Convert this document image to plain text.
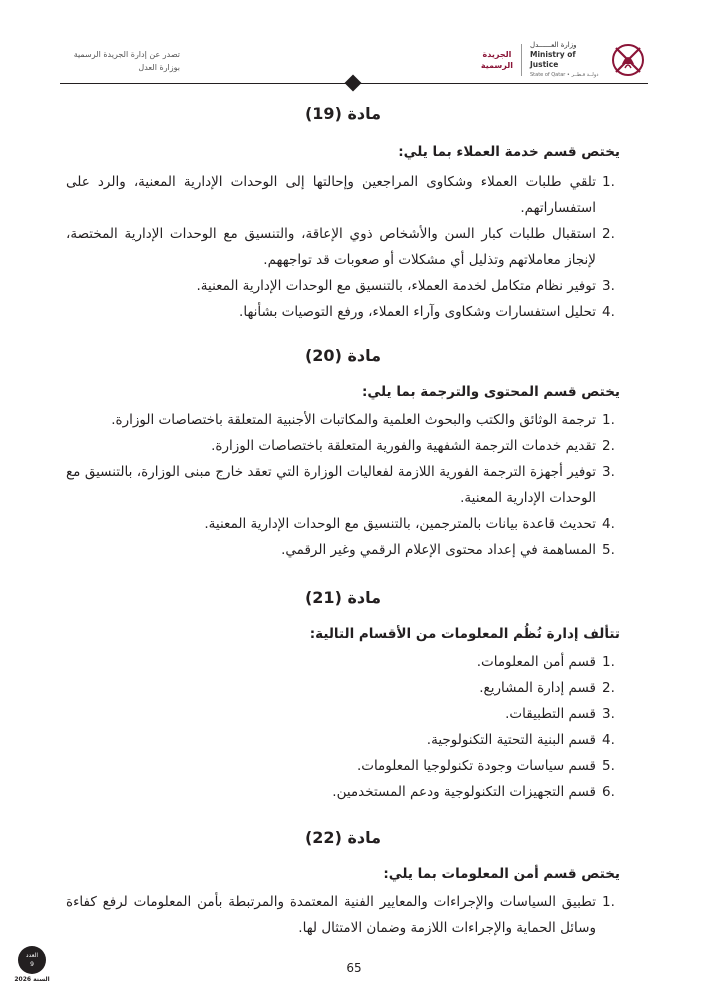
تصدر عن إدارة الجريدة الرسمية
بوزارة العدل
الجريدة
الرسمية
وزارة العــــــدل
Ministry of Justice
State of Qatar • دولــة قـطــر
مادة (19)

يختص قسم خدمة العملاء بما يلي:

1.
تلقي طلبات العملاء وشكاوى المراجعين وإحالتها إلى الوحدات الإدارية المعنية، والرد على استفساراتهم.
2.
استقبال طلبات كبار السن والأشخاص ذوي الإعاقة، والتنسيق مع الوحدات الإدارية المختصة، لإنجاز معاملاتهم وتذليل أي مشكلات أو صعوبات قد تواجههم.
3.
توفير نظام متكامل لخدمة العملاء، بالتنسيق مع الوحدات الإدارية المعنية.
4.
تحليل استفسارات وشكاوى وآراء العملاء، ورفع التوصيات بشأنها.
مادة (20)

يختص قسم المحتوى والترجمة بما يلي:

1.
ترجمة الوثائق والكتب والبحوث العلمية والمكاتبات الأجنبية المتعلقة باختصاصات الوزارة.
2.
تقديم خدمات الترجمة الشفهية والفورية المتعلقة باختصاصات الوزارة.
3.
توفير أجهزة الترجمة الفورية اللازمة لفعاليات الوزارة التي تعقد خارج مبنى الوزارة، بالتنسيق مع الوحدات الإدارية المعنية.
4.
تحديث قاعدة بيانات بالمترجمين، بالتنسيق مع الوحدات الإدارية المعنية.
5.
المساهمة في إعداد محتوى الإعلام الرقمي وغير الرقمي.
مادة (21)

تتألف إدارة نُظُم المعلومات من الأقسام التالية:

1.
قسم أمن المعلومات.
2.
قسم إدارة المشاريع.
3.
قسم التطبيقات.
4.
قسم البنية التحتية التكنولوجية.
5.
قسم سياسات وجودة تكنولوجيا المعلومات.
6.
قسم التجهيزات التكنولوجية ودعم المستخدمين.
مادة (22)

يختص قسم أمن المعلومات بما يلي:

1.
تطبيق السياسات والإجراءات والمعايير الفنية المعتمدة والمرتبطة بأمن المعلومات لرفع كفاءة وسائل الحماية والإجراءات اللازمة وضمان الامتثال لها.
65
العدد
9
السنة 2026
